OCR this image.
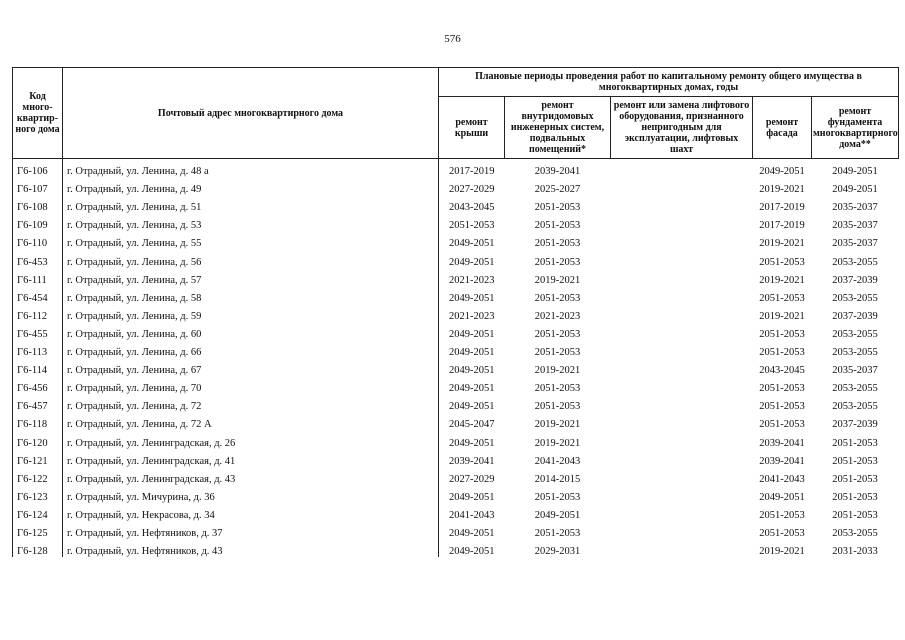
576
Код много-квартир-ного дома	Почтовый адрес многоквартирного дома	Плановые периоды проведения работ по капитальному ремонту общего имущества в многоквартирных домах, годы				
		ремонт крыши	ремонт внутридомовых инженерных систем, подвальных помещений*	ремонт или замена лифтового оборудования, признанного непригодным для эксплуатации, лифтовых шахт	ремонт фасада	ремонт фундамента многоквартирного дома**
Г6-106	г. Отрадный, ул. Ленина, д. 48 а	2017-2019	2039-2041		2049-2051	2049-2051
Г6-107	г. Отрадный, ул. Ленина, д. 49	2027-2029	2025-2027		2019-2021	2049-2051
Г6-108	г. Отрадный, ул. Ленина, д. 51	2043-2045	2051-2053		2017-2019	2035-2037
Г6-109	г. Отрадный, ул. Ленина, д. 53	2051-2053	2051-2053		2017-2019	2035-2037
Г6-110	г. Отрадный, ул. Ленина, д. 55	2049-2051	2051-2053		2019-2021	2035-2037
Г6-453	г. Отрадный, ул. Ленина, д. 56	2049-2051	2051-2053		2051-2053	2053-2055
Г6-111	г. Отрадный, ул. Ленина, д. 57	2021-2023	2019-2021		2019-2021	2037-2039
Г6-454	г. Отрадный, ул. Ленина, д. 58	2049-2051	2051-2053		2051-2053	2053-2055
Г6-112	г. Отрадный, ул. Ленина, д. 59	2021-2023	2021-2023		2019-2021	2037-2039
Г6-455	г. Отрадный, ул. Ленина, д. 60	2049-2051	2051-2053		2051-2053	2053-2055
Г6-113	г. Отрадный, ул. Ленина, д. 66	2049-2051	2051-2053		2051-2053	2053-2055
Г6-114	г. Отрадный, ул. Ленина, д. 67	2049-2051	2019-2021		2043-2045	2035-2037
Г6-456	г. Отрадный, ул. Ленина, д. 70	2049-2051	2051-2053		2051-2053	2053-2055
Г6-457	г. Отрадный, ул. Ленина, д. 72	2049-2051	2051-2053		2051-2053	2053-2055
Г6-118	г. Отрадный, ул. Ленина, д. 72 А	2045-2047	2019-2021		2051-2053	2037-2039
Г6-120	г. Отрадный, ул. Ленинградская, д. 26	2049-2051	2019-2021		2039-2041	2051-2053
Г6-121	г. Отрадный, ул. Ленинградская, д. 41	2039-2041	2041-2043		2039-2041	2051-2053
Г6-122	г. Отрадный, ул. Ленинградская, д. 43	2027-2029	2014-2015		2041-2043	2051-2053
Г6-123	г. Отрадный, ул. Мичурина, д. 36	2049-2051	2051-2053		2049-2051	2051-2053
Г6-124	г. Отрадный, ул. Некрасова, д. 34	2041-2043	2049-2051		2051-2053	2051-2053
Г6-125	г. Отрадный, ул. Нефтяников, д. 37	2049-2051	2051-2053		2051-2053	2053-2055
Г6-128	г. Отрадный, ул. Нефтяников, д. 43	2049-2051	2029-2031		2019-2021	2031-2033
